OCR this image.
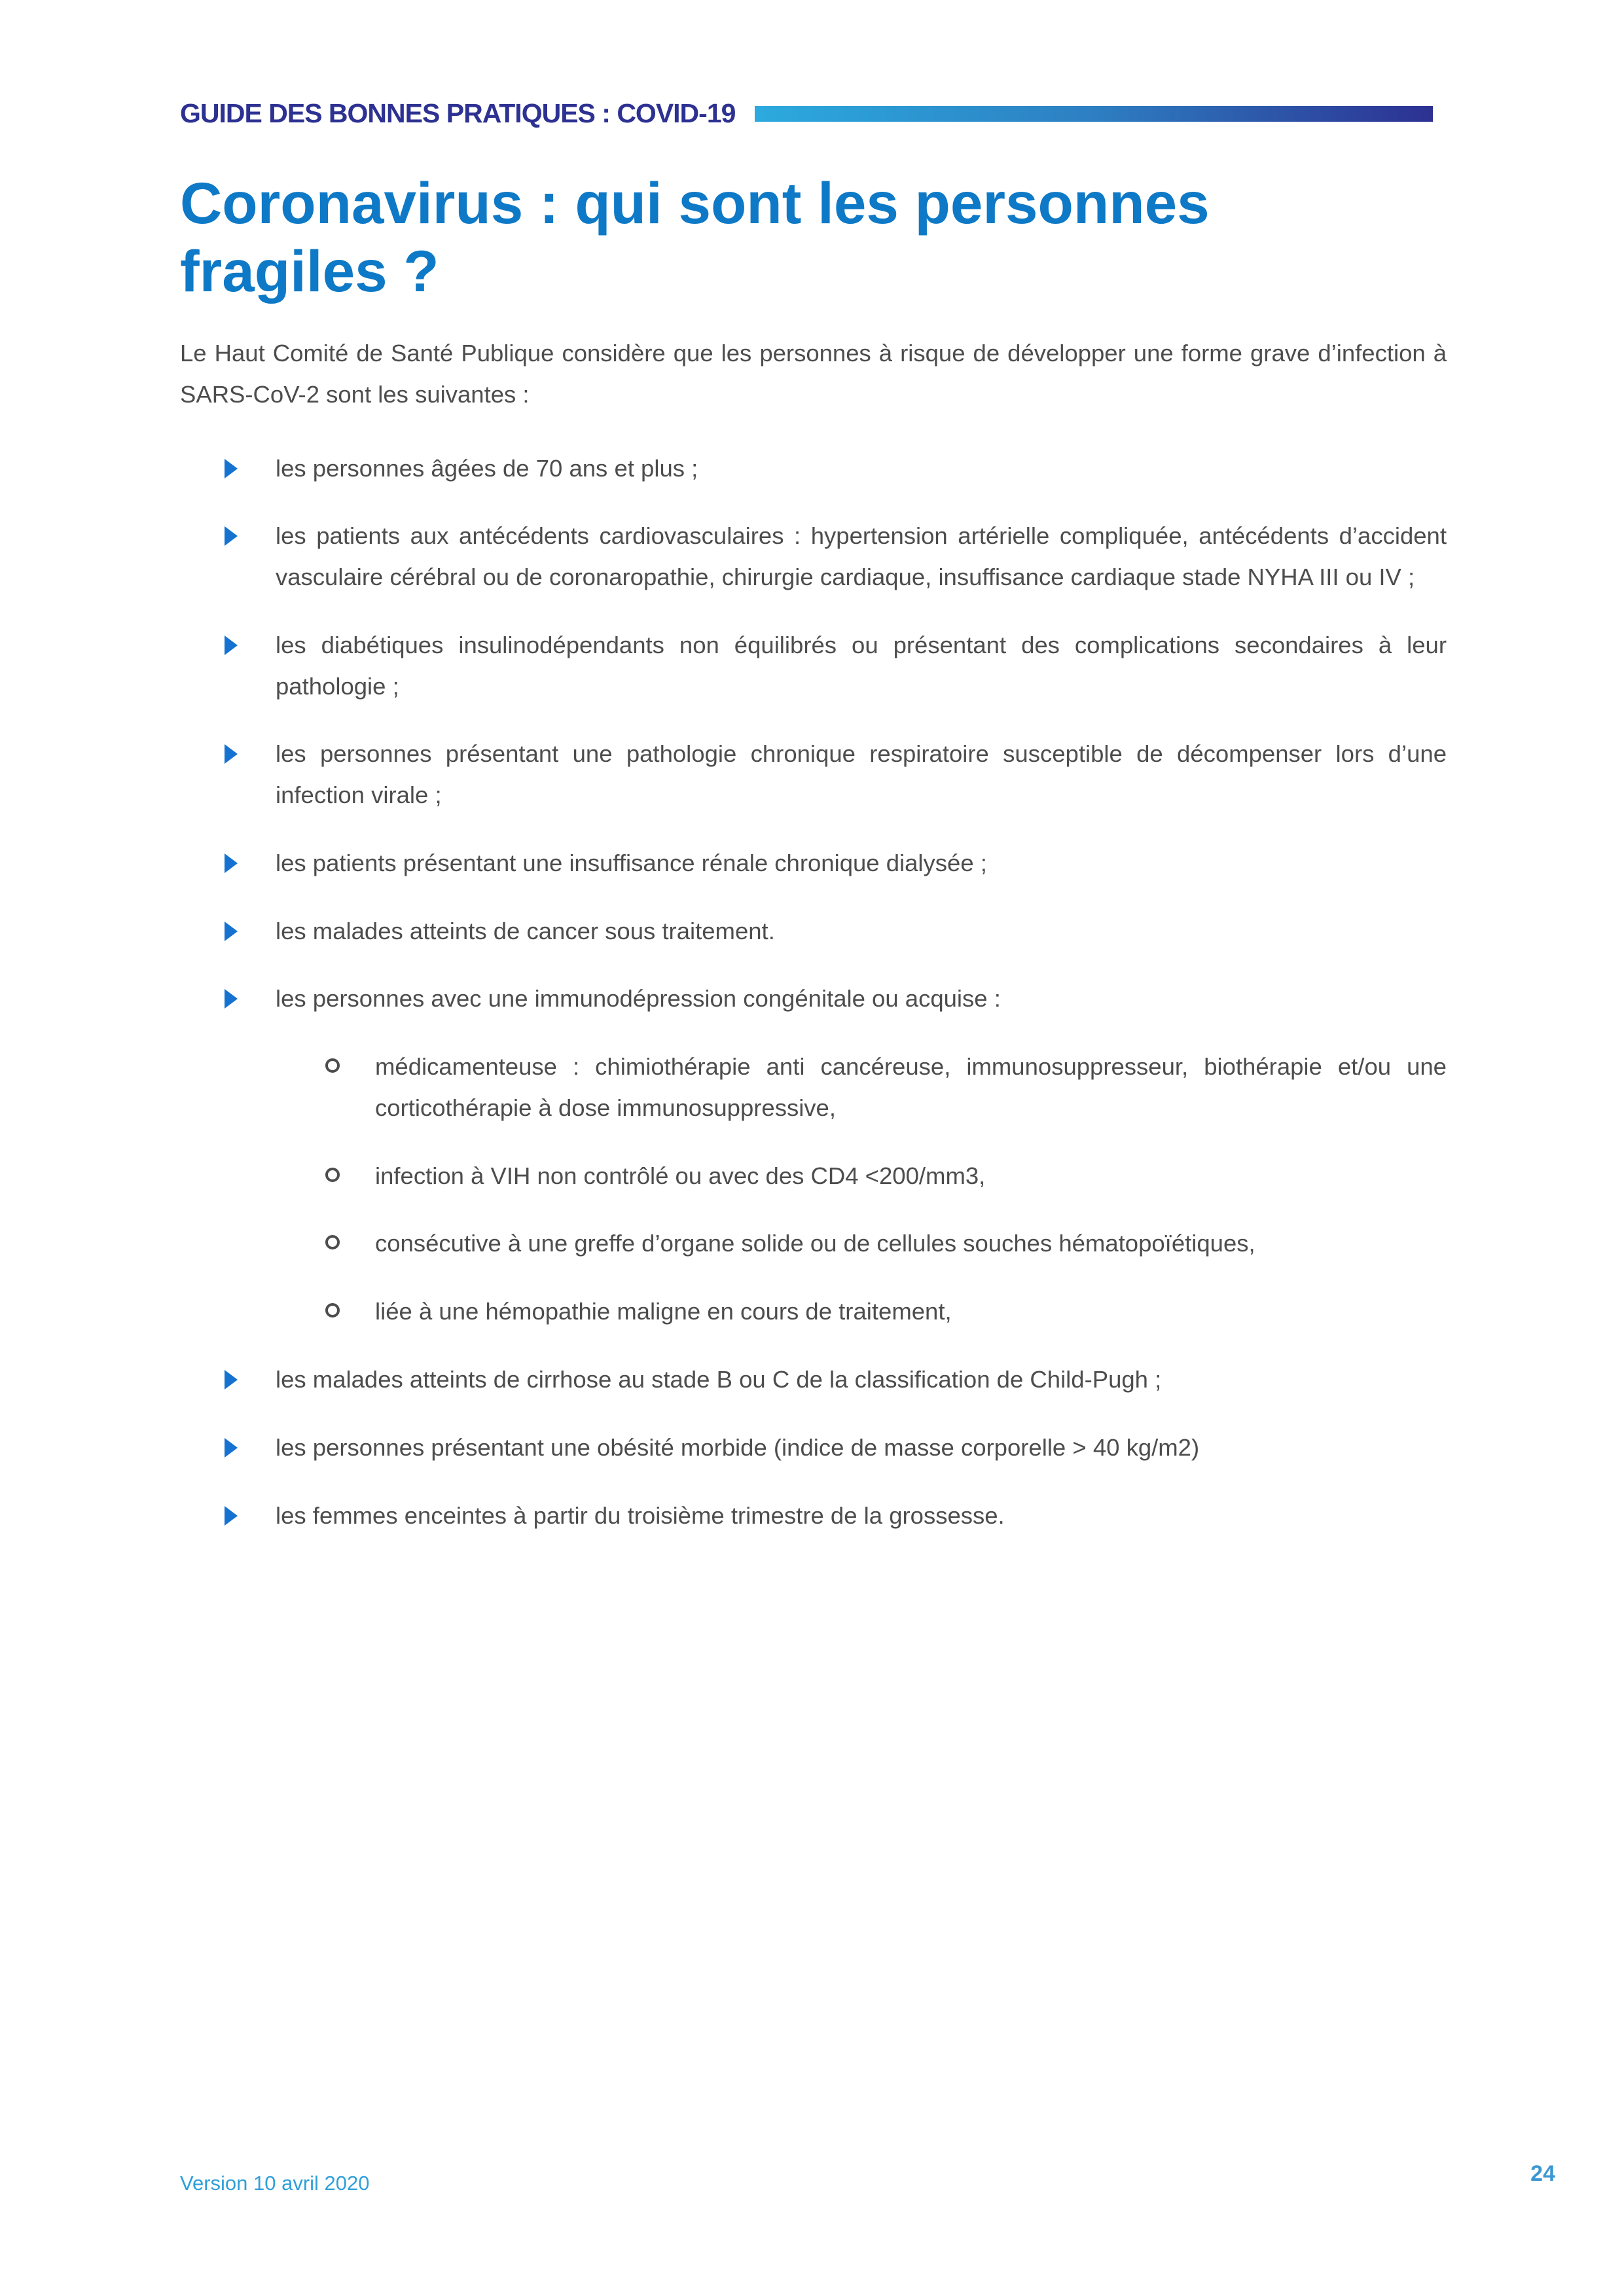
GUIDE DES BONNES PRATIQUES : COVID-19
Coronavirus : qui sont les personnes fragiles ?

Le Haut Comité de Santé Publique considère que les personnes à risque de développer une forme grave d’infection à SARS-CoV-2 sont les suivantes :

les personnes âgées de 70 ans et plus ;
les patients aux antécédents cardiovasculaires : hypertension artérielle compliquée, antécédents d’accident vasculaire cérébral ou de coronaropathie, chirurgie cardiaque, insuffisance cardiaque stade NYHA III ou IV ;
les diabétiques insulinodépendants non équilibrés ou présentant des complications secondaires à leur pathologie ;
les personnes présentant une pathologie chronique respiratoire susceptible de décompenser lors d’une infection virale ;
les patients présentant une insuffisance rénale chronique dialysée ;
les malades atteints de cancer sous traitement.
les personnes avec une immunodépression congénitale ou acquise :
médicamenteuse : chimiothérapie anti cancéreuse, immunosuppresseur, biothérapie et/ou une corticothérapie à dose immunosuppressive,
infection à VIH non contrôlé ou avec des CD4 <200/mm3,
consécutive à une greffe d’organe solide ou de cellules souches hématopoïétiques,
liée à une hémopathie maligne en cours de traitement,
les malades atteints de cirrhose au stade B ou C de la classification de Child-Pugh ;
les personnes présentant une obésité morbide (indice de masse corporelle > 40 kg/m2)
les femmes enceintes à partir du troisième trimestre de la grossesse.
Version 10 avril 2020	24
